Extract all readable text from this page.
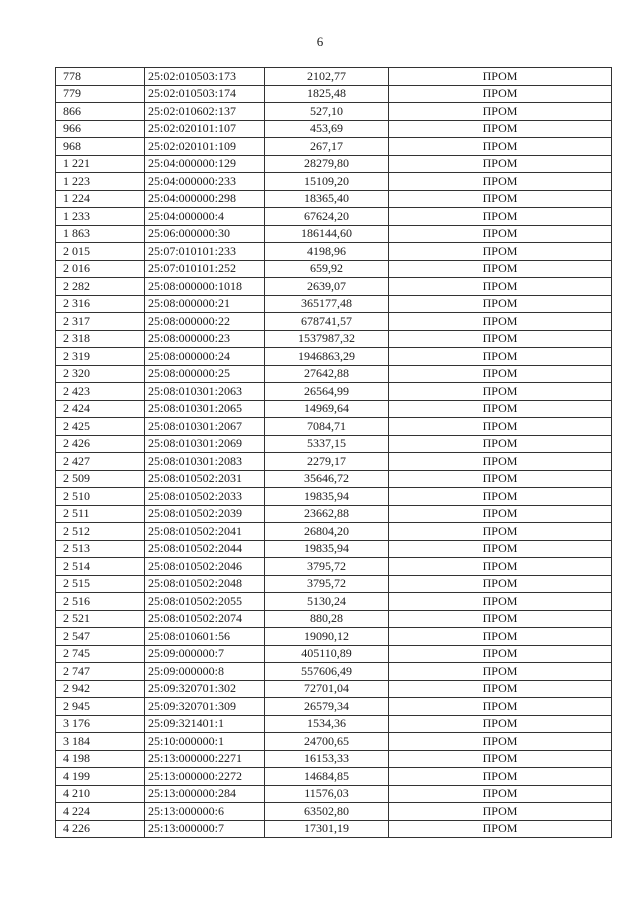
6
778	25:02:010503:173	2102,77	ПРОМ
779	25:02:010503:174	1825,48	ПРОМ
866	25:02:010602:137	527,10	ПРОМ
966	25:02:020101:107	453,69	ПРОМ
968	25:02:020101:109	267,17	ПРОМ
1 221	25:04:000000:129	28279,80	ПРОМ
1 223	25:04:000000:233	15109,20	ПРОМ
1 224	25:04:000000:298	18365,40	ПРОМ
1 233	25:04:000000:4	67624,20	ПРОМ
1 863	25:06:000000:30	186144,60	ПРОМ
2 015	25:07:010101:233	4198,96	ПРОМ
2 016	25:07:010101:252	659,92	ПРОМ
2 282	25:08:000000:1018	2639,07	ПРОМ
2 316	25:08:000000:21	365177,48	ПРОМ
2 317	25:08:000000:22	678741,57	ПРОМ
2 318	25:08:000000:23	1537987,32	ПРОМ
2 319	25:08:000000:24	1946863,29	ПРОМ
2 320	25:08:000000:25	27642,88	ПРОМ
2 423	25:08:010301:2063	26564,99	ПРОМ
2 424	25:08:010301:2065	14969,64	ПРОМ
2 425	25:08:010301:2067	7084,71	ПРОМ
2 426	25:08:010301:2069	5337,15	ПРОМ
2 427	25:08:010301:2083	2279,17	ПРОМ
2 509	25:08:010502:2031	35646,72	ПРОМ
2 510	25:08:010502:2033	19835,94	ПРОМ
2 511	25:08:010502:2039	23662,88	ПРОМ
2 512	25:08:010502:2041	26804,20	ПРОМ
2 513	25:08:010502:2044	19835,94	ПРОМ
2 514	25:08:010502:2046	3795,72	ПРОМ
2 515	25:08:010502:2048	3795,72	ПРОМ
2 516	25:08:010502:2055	5130,24	ПРОМ
2 521	25:08:010502:2074	880,28	ПРОМ
2 547	25:08:010601:56	19090,12	ПРОМ
2 745	25:09:000000:7	405110,89	ПРОМ
2 747	25:09:000000:8	557606,49	ПРОМ
2 942	25:09:320701:302	72701,04	ПРОМ
2 945	25:09:320701:309	26579,34	ПРОМ
3 176	25:09:321401:1	1534,36	ПРОМ
3 184	25:10:000000:1	24700,65	ПРОМ
4 198	25:13:000000:2271	16153,33	ПРОМ
4 199	25:13:000000:2272	14684,85	ПРОМ
4 210	25:13:000000:284	11576,03	ПРОМ
4 224	25:13:000000:6	63502,80	ПРОМ
4 226	25:13:000000:7	17301,19	ПРОМ
